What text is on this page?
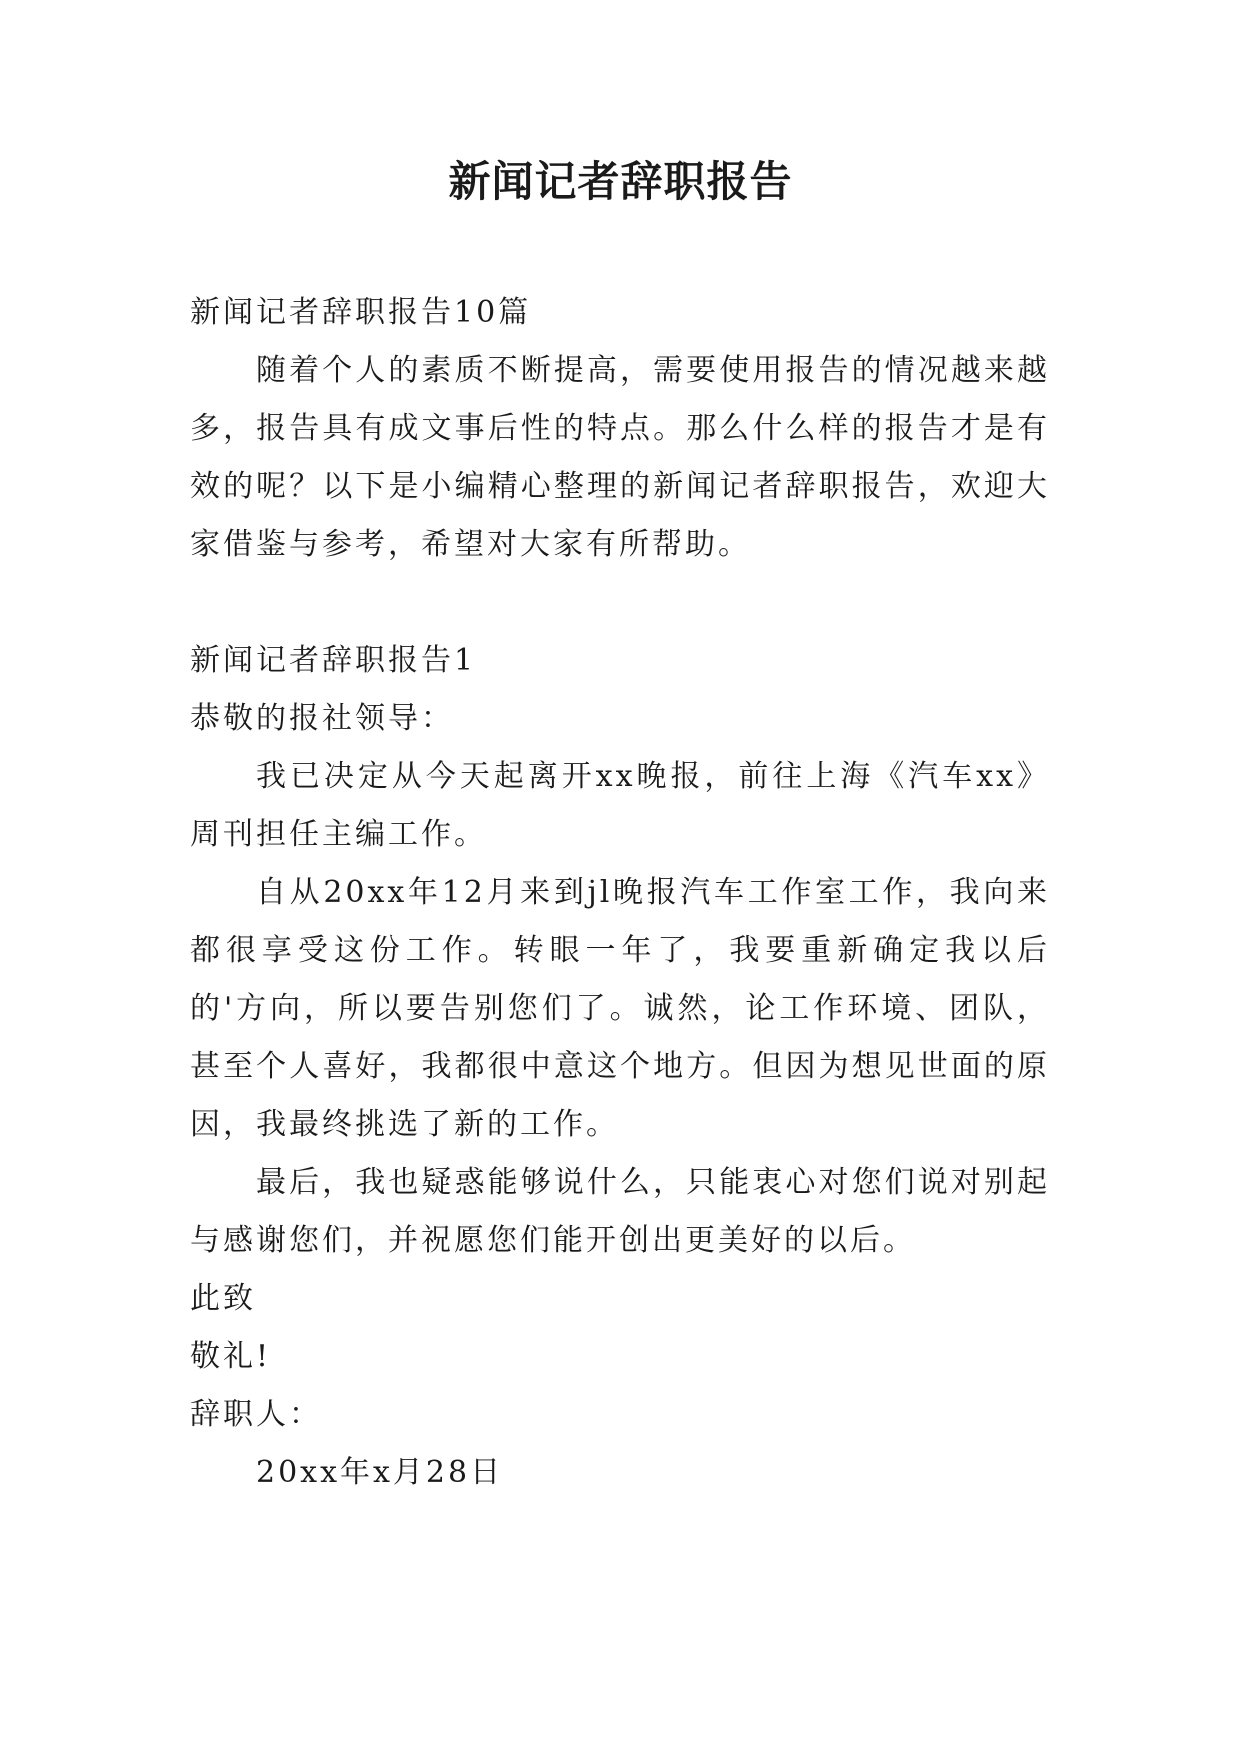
新闻记者辞职报告

新闻记者辞职报告10篇

随着个人的素质不断提高，需要使用报告的情况越来越多，报告具有成文事后性的特点。那么什么样的报告才是有效的呢？以下是小编精心整理的新闻记者辞职报告，欢迎大家借鉴与参考，希望对大家有所帮助。

新闻记者辞职报告1

恭敬的报社领导：

我已决定从今天起离开xx晚报，前往上海《汽车xx》周刊担任主编工作。

自从20xx年12月来到jl晚报汽车工作室工作，我向来都很享受这份工作。转眼一年了，我要重新确定我以后的'方向，所以要告别您们了。诚然，论工作环境、团队，甚至个人喜好，我都很中意这个地方。但因为想见世面的原因，我最终挑选了新的工作。

最后，我也疑惑能够说什么，只能衷心对您们说对别起与感谢您们，并祝愿您们能开创出更美好的以后。

此致

敬礼!

辞职人：

20xx年x月28日
